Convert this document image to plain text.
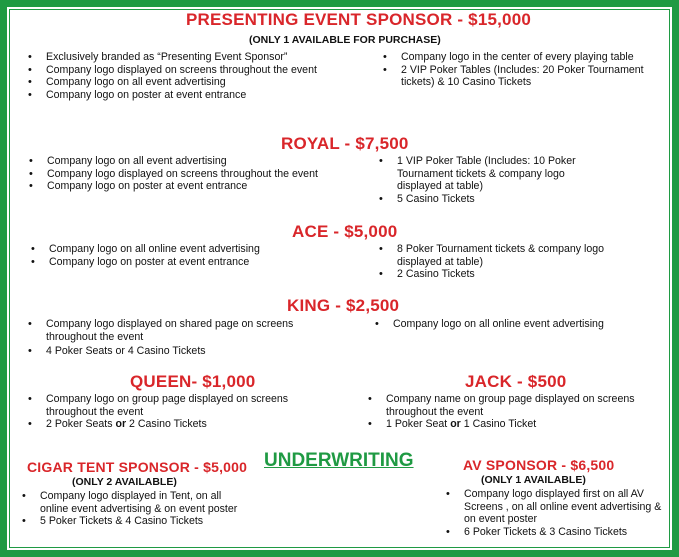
PRESENTING EVENT SPONSOR - $15,000
(ONLY 1 AVAILABLE FOR PURCHASE)
• Exclusively branded as “Presenting Event Sponsor”
• Company logo displayed on screens throughout the event
• Company logo on all event advertising
• Company logo on poster at event entrance
• Company logo in the center of every playing table
• 2 VIP Poker Tables (Includes: 20 Poker Tournament tickets) & 10 Casino Tickets
ROYAL - $7,500
• Company logo on all event advertising
• Company logo displayed on screens throughout the event
• Company logo on poster at event entrance
• 1 VIP Poker Table (Includes: 10 Poker Tournament tickets & company logo displayed at table)
• 5 Casino Tickets
ACE - $5,000
• Company logo on all online event advertising
• Company logo on poster at event entrance
• 8 Poker Tournament tickets & company logo displayed at table)
• 2 Casino Tickets
KING - $2,500
• Company logo displayed on shared page on screens throughout the event
• 4 Poker Seats or 4 Casino Tickets
• Company logo on all online event advertising
QUEEN- $1,000
• Company logo on group page displayed on screens throughout the event
• 2 Poker Seats or 2 Casino Tickets
JACK - $500
• Company name on group page displayed on screens throughout the event
• 1 Poker Seat or 1 Casino Ticket
UNDERWRITING
CIGAR TENT SPONSOR - $5,000
(ONLY 2 AVAILABLE)
• Company logo displayed in Tent, on all online event advertising & on event poster
• 5 Poker Tickets & 4 Casino Tickets
AV SPONSOR - $6,500
(ONLY 1 AVAILABLE)
• Company logo displayed first on all AV Screens , on all online event advertising & on event poster
• 6 Poker Tickets & 3 Casino Tickets
